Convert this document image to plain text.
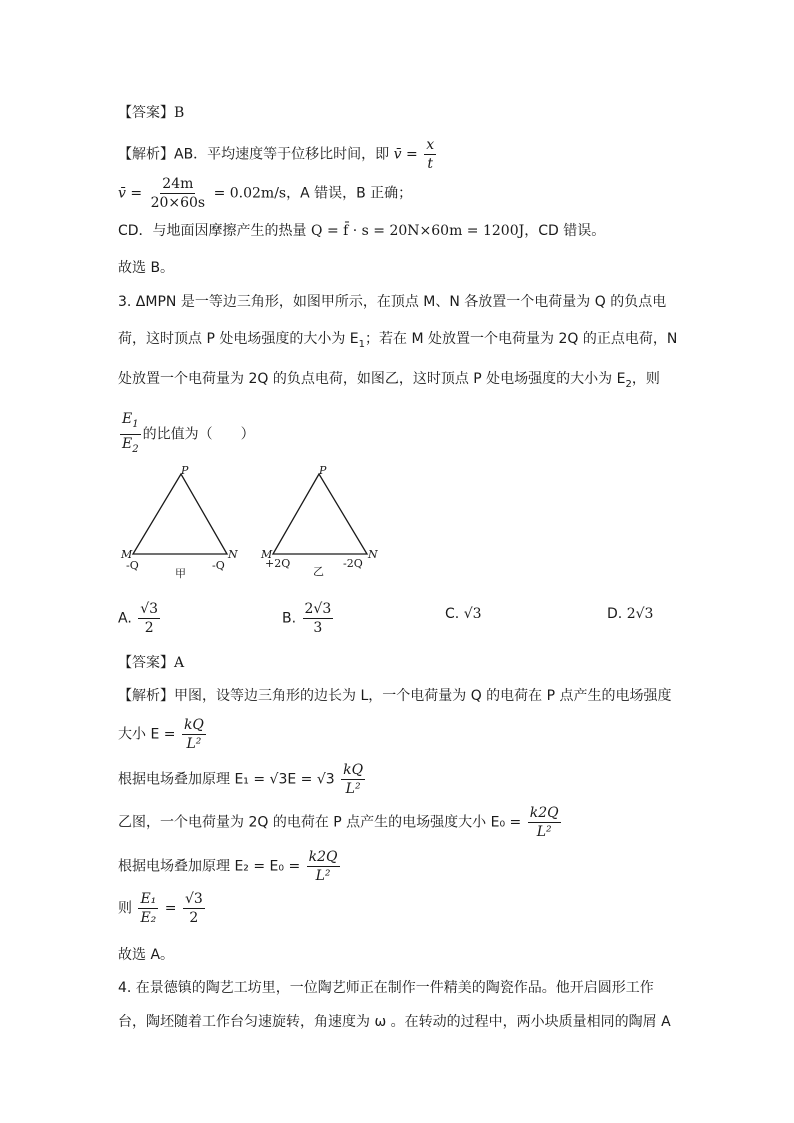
【答案】B
【解析】AB．平均速度等于位移比时间，即 v̄ = $\frac{x}{t}$
v̄ = $\frac{24m}{20\times 60s} = 0.02m/s$，A 错误，B 正确；
CD．与地面因摩擦产生的热量 Q = f̄ · s = 20N×60m = 1200J，CD 错误。
故选 B。
3. ΔMPN 是一等边三角形，如图甲所示，在顶点 M、N 各放置一个电荷量为 Q 的负点电
荷，这时顶点 P 处电场强度的大小为 $E_1$；若在 M 处放置一个电荷量为 2Q 的正点电荷，N
处放置一个电荷量为 2Q 的负点电荷，如图乙，这时顶点 P 处电场强度的大小为 $E_2$，则
$\frac{E_1}{E_2}$ 的比值为（　　）
P
M	N
-Q	-Q
甲
P
M	N
+2Q	-2Q
乙
A. $\frac{√3}{2}$	B. $\frac{2√3}{3}$	C. √3	D. 2√3
【答案】A
【解析】甲图，设等边三角形的边长为 L，一个电荷量为 Q 的电荷在 P 点产生的电场强度
大小 $E = \frac{kQ}{\text{L²}}$
根据电场叠加原理 $E_1 = √3E = √3 \frac{kQ}{\text{L²}}$
乙图，一个电荷量为 2Q 的电荷在 P 点产生的电场强度大小 $E_0 = \frac{k2Q}{\text{L²}}$
根据电场叠加原理 $E_2 = E_0 = \frac{k2Q}{\text{L²}}$
则 $\frac{\text{E₁}}{\text{E₂}} = \frac{√3}{2}$
故选 A。
4. 在景德镇的陶艺工坊里，一位陶艺师正在制作一件精美的陶瓷作品。他开启圆形工作
台，陶坯随着工作台匀速旋转，角速度为 ω 。在转动的过程中，两小块质量相同的陶屑 A
